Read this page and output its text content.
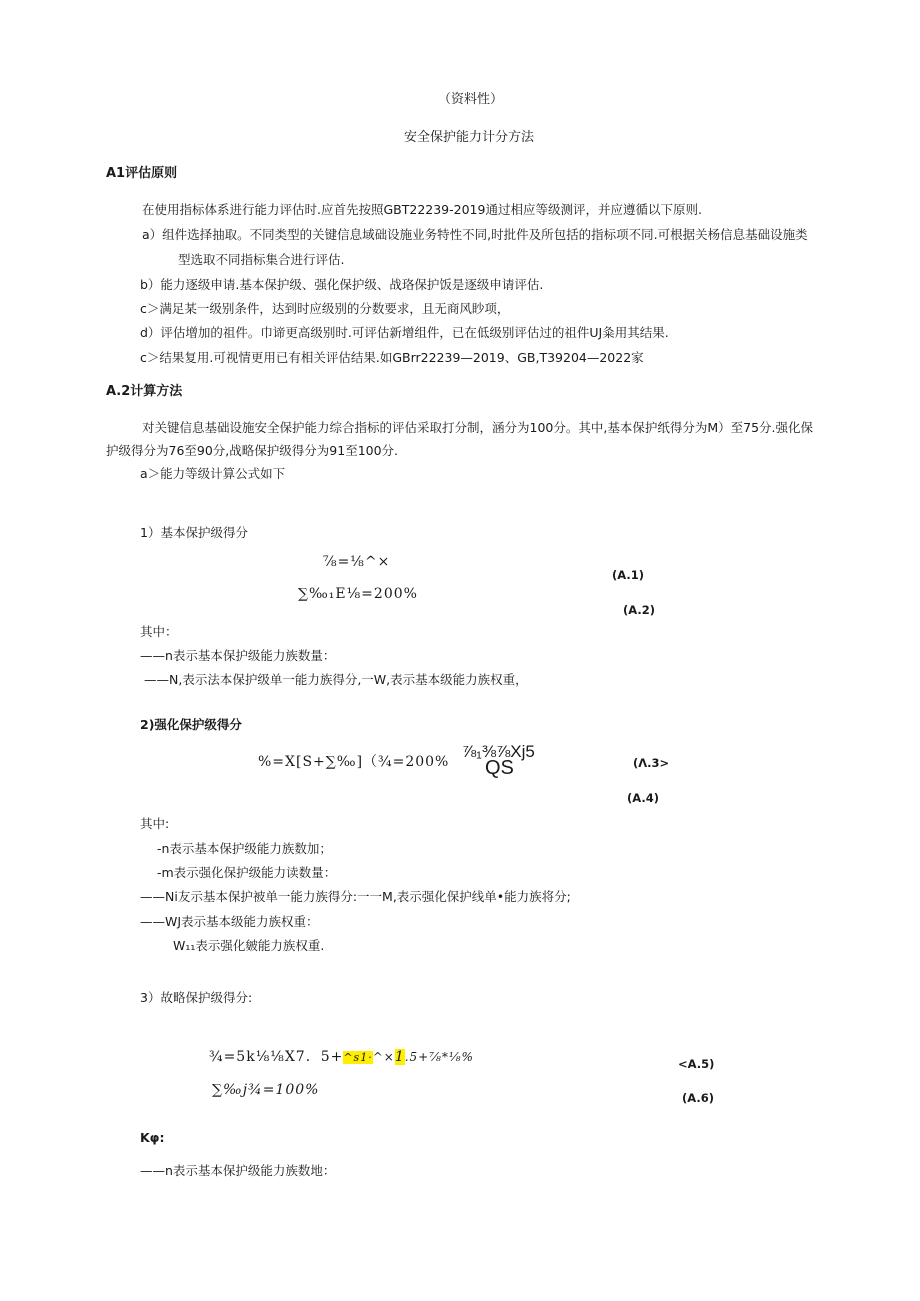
（资料性）
安全保护能力计分方法
A1评估原则
在使用指标体系进行能力评估时.应首先按照GBT22239-2019通过相应等级测评，并应遵循以下原则.
a）组件选择抽取。不同类型的关键信息域础设施业务特性不同,时批件及所包括的指标项不同.可根据关杨信息基础设施类
型选取不同指标集合进行评估.
b）能力逐级申请.基本保护级、强化保护级、战珞保护饭是逐级申请评估.
c＞满足某一级别条件，达到时应级别的分数要求，且无商风眇项，
d）评估增加的祖件。巾谛更高级别时.可评估新增组件，已在低级别评估过的祖件UJ粂用其结果.
c＞结果复用.可视情更用已有相关评估结果.如GBrr22239—2019、GB,T39204—2022家
A.2计算方法
对关键信息基础设施安全保护能力综合指标的评估采取打分制，涵分为100分。其中,基本保护纸得分为M）至75分.强化保
护级得分为76至90分,战略保护级得分为91至100分.
a＞能力等级计算公式如下
1）基本保护级得分
⅞=⅛^×
(A.1)
∑‰₁E⅛=200%
(A.2)
其中：
——n表示基本保护级能力族数量：
——N,表示法本保护级单一能力族得分,一W,表示基本级能力族权重，
2)强化保护级得分
%=X[S+∑‰]（¾=200%
⅞₁⅜⅞Xj5
QS	(Λ.3>
(A.4)
其中:
-n表示基本保护级能力族数加；
-m表示强化保护级能力读数量：
——Ni友示基本保护被单一能力族得分:一一M,表示强化保护线单•能力族将分;
——WJ表示基本级能力族权重：
W₁₁表示强化皴能力族权重.
3）故略保护级得分:
¾=5k⅛⅛X7．5+^s1·^×1.5+⅞*⅛%	<A.5)
∑‰j¾=100%	(A.6)
Kφ:
——n表示基本保护级能力族数地：
